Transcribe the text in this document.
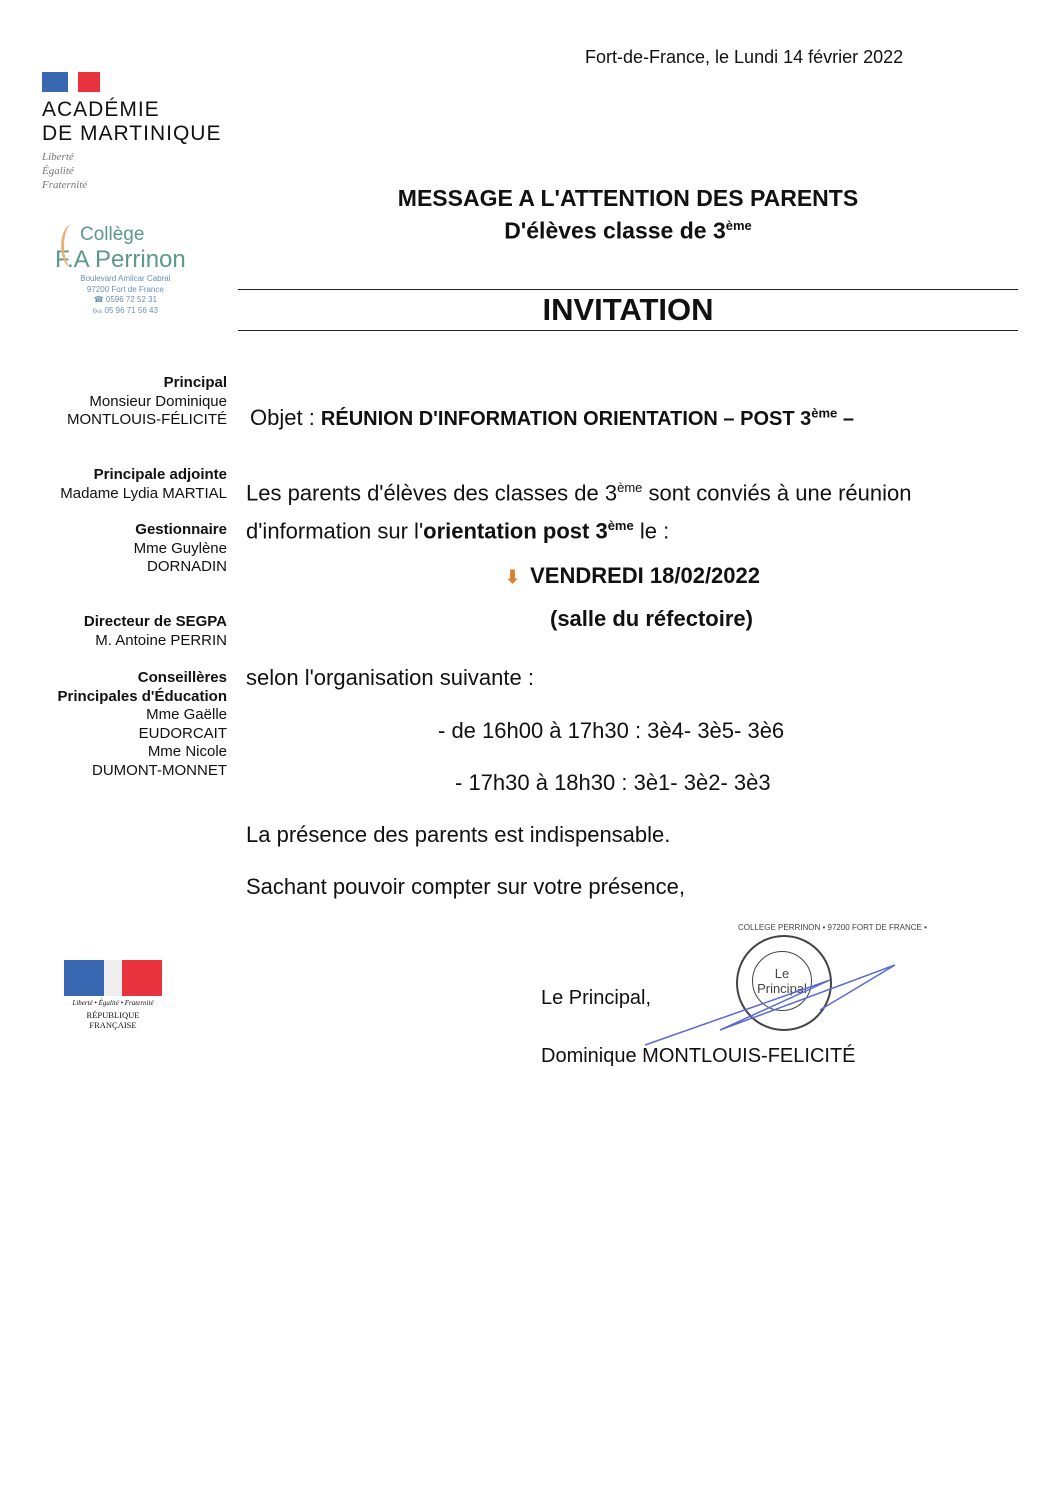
Fort-de-France, le Lundi 14 février 2022
ACADÉMIE
DE MARTINIQUE
Liberté
Égalité
Fraternité
Collège
F.A Perrinon
Boulevard Amilcar Cabral
97200 Fort de France
☎ 0596 72 52 31
℻ 05 96 71 56 43
MESSAGE A L'ATTENTION DES PARENTS
D'élèves classe de 3ème
INVITATION
Principal
Monsieur Dominique
MONTLOUIS-FÉLICITÉ
Principale adjointe
Madame Lydia MARTIAL
Gestionnaire
Mme Guylène
DORNADIN
Directeur de SEGPA
M. Antoine PERRIN
Conseillères
Principales d'Éducation
Mme Gaëlle
EUDORCAIT
Mme Nicole
DUMONT-MONNET
Objet : RÉUNION D'INFORMATION ORIENTATION – POST 3ème –
Les parents d'élèves des classes de 3ème sont conviés à une réunion
d'information sur l'orientation post 3ème le :
⬇ VENDREDI 18/02/2022
(salle du réfectoire)
selon l'organisation suivante :
- de 16h00 à 17h30 : 3è4- 3è5- 3è6
- 17h30 à 18h30 : 3è1- 3è2- 3è3
La présence des parents est indispensable.
Sachant pouvoir compter sur votre présence,
Liberté • Égalité • Fraternité
RÉPUBLIQUE FRANÇAISE
Le Principal,
Le
Principal
COLLEGE PERRINON • 97200 FORT DE FRANCE •
Dominique MONTLOUIS-FELICITÉ
